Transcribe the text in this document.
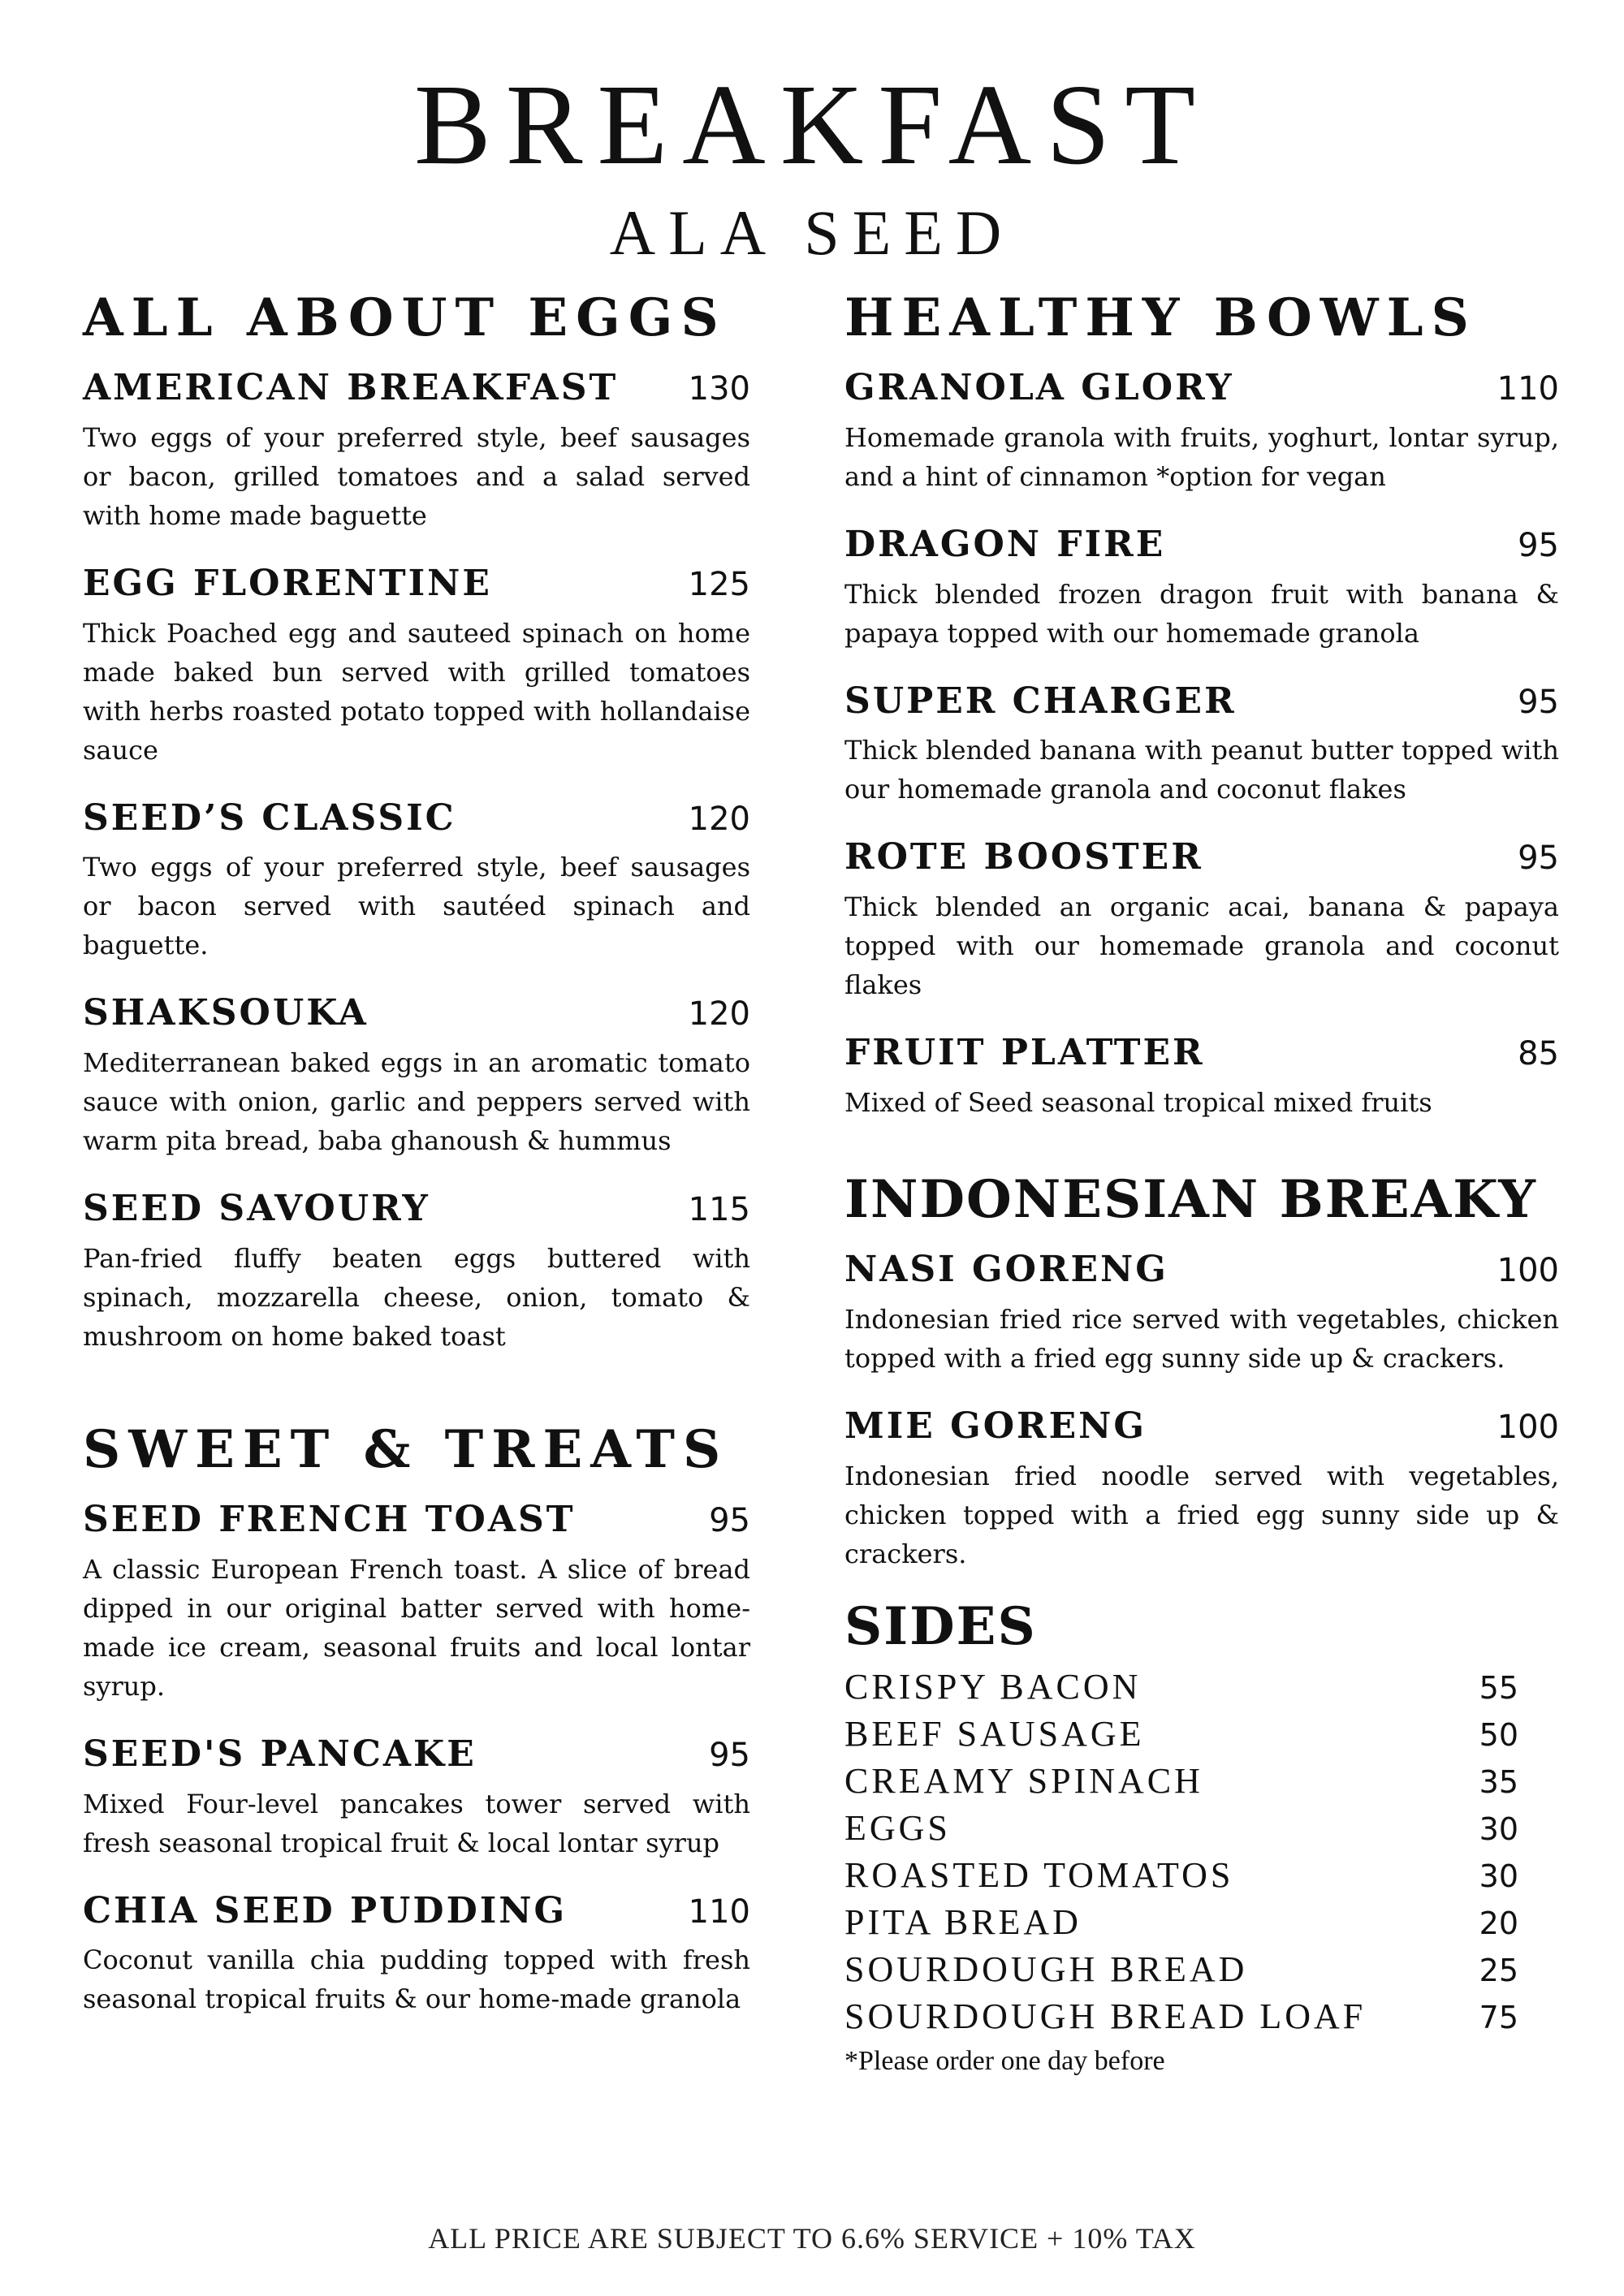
BREAKFAST
ALA SEED
ALL ABOUT EGGS
AMERICAN BREAKFAST 130
Two eggs of your preferred style, beef sausages or bacon, grilled tomatoes and a salad served with home made baguette
EGG FLORENTINE	125
Thick Poached egg and sauteed spinach on home made baked bun served with grilled tomatoes with herbs roasted potato topped with hollandaise sauce
SEED’S CLASSIC	120
Two eggs of your preferred style, beef sausages or bacon served with sautéed spinach and baguette.
SHAKSOUKA	120
Mediterranean baked eggs in an aromatic tomato sauce with onion, garlic and peppers served with warm pita bread, baba ghanoush & hummus
SEED SAVOURY	115
Pan-fried fluffy beaten eggs buttered with spinach, mozzarella cheese, onion, tomato & mushroom on home baked toast
SWEET & TREATS
SEED FRENCH TOAST	95
A classic European French toast. A slice of bread dipped in our original batter served with home-made ice cream, seasonal fruits and local lontar syrup.
SEED'S PANCAKE	95
Mixed Four-level pancakes tower served with fresh seasonal tropical fruit & local lontar syrup
CHIA SEED PUDDING	110
Coconut vanilla chia pudding topped with fresh seasonal tropical fruits & our home-made granola
HEALTHY BOWLS
GRANOLA GLORY	110
Homemade granola with fruits, yoghurt, lontar syrup, and a hint of cinnamon *option for vegan
DRAGON FIRE	95
Thick blended frozen dragon fruit with banana & papaya topped with our homemade granola
SUPER CHARGER	95
Thick blended banana with peanut butter topped with our homemade granola and coconut flakes
ROTE BOOSTER	95
Thick blended an organic acai, banana & papaya topped with our homemade granola and coconut flakes
FRUIT PLATTER	85
Mixed of Seed seasonal tropical mixed fruits
INDONESIAN BREAKY
NASI GORENG	100
Indonesian fried rice served with vegetables, chicken topped with a fried egg sunny side up & crackers.
MIE GORENG	100
Indonesian fried noodle served with vegetables, chicken topped with a fried egg sunny side up & crackers.
SIDES
CRISPY BACON	55
BEEF SAUSAGE	50
CREAMY SPINACH	35
EGGS	30
ROASTED TOMATOS	30
PITA BREAD	20
SOURDOUGH BREAD	25
SOURDOUGH BREAD LOAF	75
*Please order one day before
ALL PRICE ARE SUBJECT TO 6.6% SERVICE + 10% TAX
